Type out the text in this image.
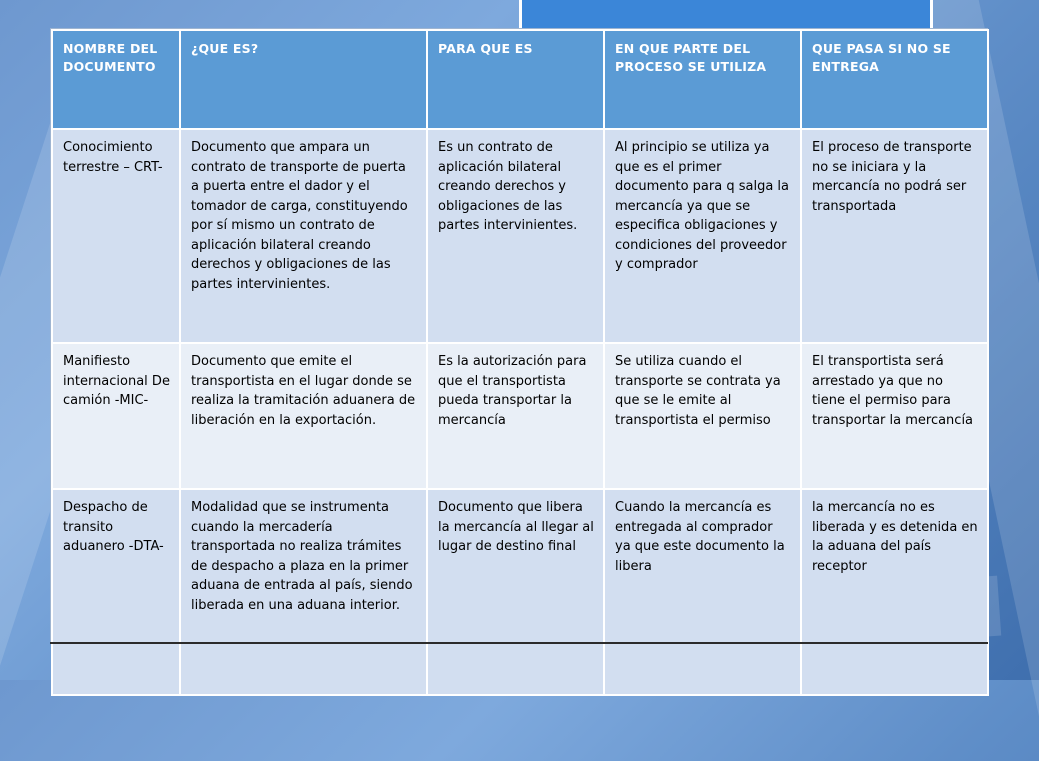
NOMBRE DEL DOCUMENTO	¿QUE ES?	PARA QUE ES	EN QUE PARTE DEL PROCESO SE UTILIZA	QUE PASA SI NO SE ENTREGA
Conocimiento terrestre – CRT-	Documento que ampara un contrato de transporte de puerta a puerta entre el dador y el tomador de carga, constituyendo por sí mismo un contrato de aplicación bilateral creando derechos y obligaciones de las partes intervinientes.	Es un contrato de aplicación bilateral creando derechos y obligaciones de las partes intervinientes.	Al principio se utiliza ya que es el primer documento para q salga la mercancía ya que se especifica obligaciones y condiciones del proveedor y comprador	El proceso de transporte no se iniciara y la mercancía no podrá ser transportada
Manifiesto internacional De camión -MIC-	Documento que emite el transportista en el lugar donde se realiza la tramitación aduanera de liberación en la exportación.	Es la autorización para que el transportista pueda transportar la mercancía	Se utiliza cuando el transporte se contrata ya que se le emite al transportista el permiso	El transportista será arrestado ya que no tiene el permiso para transportar la mercancía
Despacho de transito aduanero -DTA-	Modalidad que se instrumenta cuando la mercadería transportada no realiza trámites de despacho a plaza en la primer aduana de entrada al país, siendo liberada en una aduana interior.	Documento que libera la mercancía al llegar al lugar de destino final	Cuando la mercancía es entregada al comprador ya que este documento la libera	la mercancía no es liberada y es detenida en la aduana del país receptor
